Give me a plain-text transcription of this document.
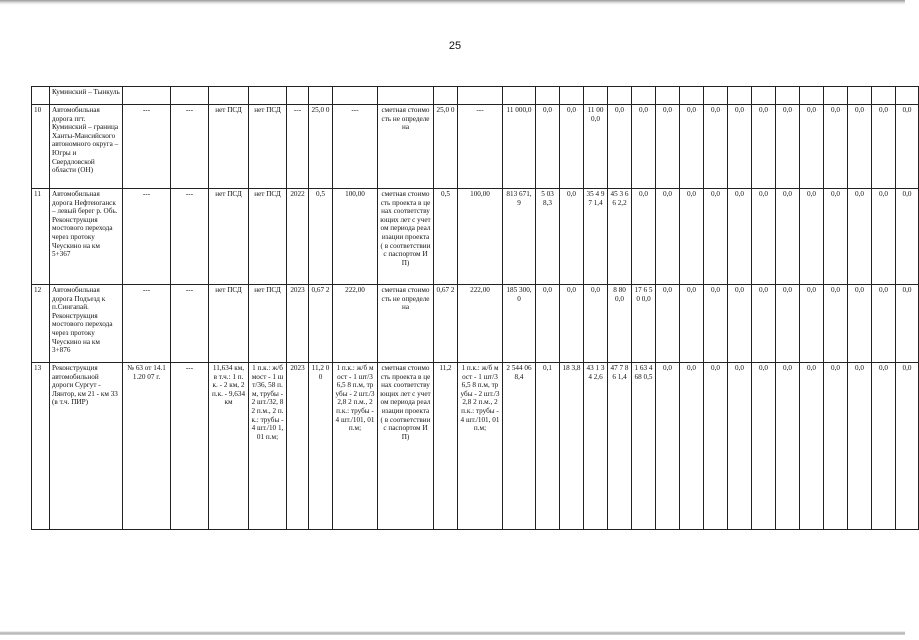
25
	Куминский – Тынкуль																											
10	Автомобильная дорога пгт. Куминский – граница Ханты-Мансийского автономного округа – Югры и Свердловской области (ОН)	---	---	нет ПСД	нет ПСД	---	25,0 0	---	сметная стоимость не определена	25,0 0	---	11 000,0	0,0	0,0	11 00 0,0	0,0	0,0	0,0	0,0	0,0	0,0	0,0	0,0	0,0	0,0	0,0	0,0	0,0
11	Автомобильная дорога Нефтеюганск – левый берег р. Обь. Реконструкция мостового перехода через протоку Чеускино на км 5+367	---	---	нет ПСД	нет ПСД	2022	0,5	100,00	сметная стоимость проекта в ценах соответствующих лет с учетом периода реализации проекта ( в соответствии с паспортом ИП)	0,5	100,00	813 671,9	5 03 8,3	0,0	35 4 97 1,4	45 3 66 2,2	0,0	0,0	0,0	0,0	0,0	0,0	0,0	0,0	0,0	0,0	0,0	0,0
12	Автомобильная дорога Подъезд к п.Сингапай. Реконструкция мостового перехода через протоку Чеускино на км 3+876	---	---	нет ПСД	нет ПСД	2023	0,67 2	222,00	сметная стоимость не определена	0,67 2	222,00	185 300,0	0,0	0,0	0,0	8 80 0,0	17 6 50 0,0	0,0	0,0	0,0	0,0	0,0	0,0	0,0	0,0	0,0	0,0	0,0
13	Реконструкция автомобильной дороги Сургут - Лянтор, км 21 - км 33 (в т.ч. ПИР)	№ 63 от 14.11.20 07 г.	---	11,634 км, в т.ч.: 1 п.к. - 2 км, 2 п.к. - 9,634 км	1 п.к.: ж/б мост - 1 шт/36, 58 п.м, трубы - 2 шт./32, 82 п.м., 2 п.к.: трубы - 4 шт./10 1,01 п.м;	2023	11,2 00	1 п.к.: ж/б мост - 1 шт/36,5 8 п.м, трубы - 2 шт./32,8 2 п.м., 2 п.к.: трубы - 4 шт./101, 01 п.м;	сметная стоимость проекта в ценах соответствующих лет с учетом периода реализации проекта ( в соответствии с паспортом ИП)	11,2	1 п.к.: ж/б мост - 1 шт/36,5 8 п.м, трубы - 2 шт./32,8 2 п.м., 2 п.к.: трубы - 4 шт./101, 01 п.м;	2 544 068,4	0,1	18 3,8	43 1 34 2,6	47 7 86 1,4	1 63 4 68 0,5	0,0	0,0	0,0	0,0	0,0	0,0	0,0	0,0	0,0	0,0	0,0
